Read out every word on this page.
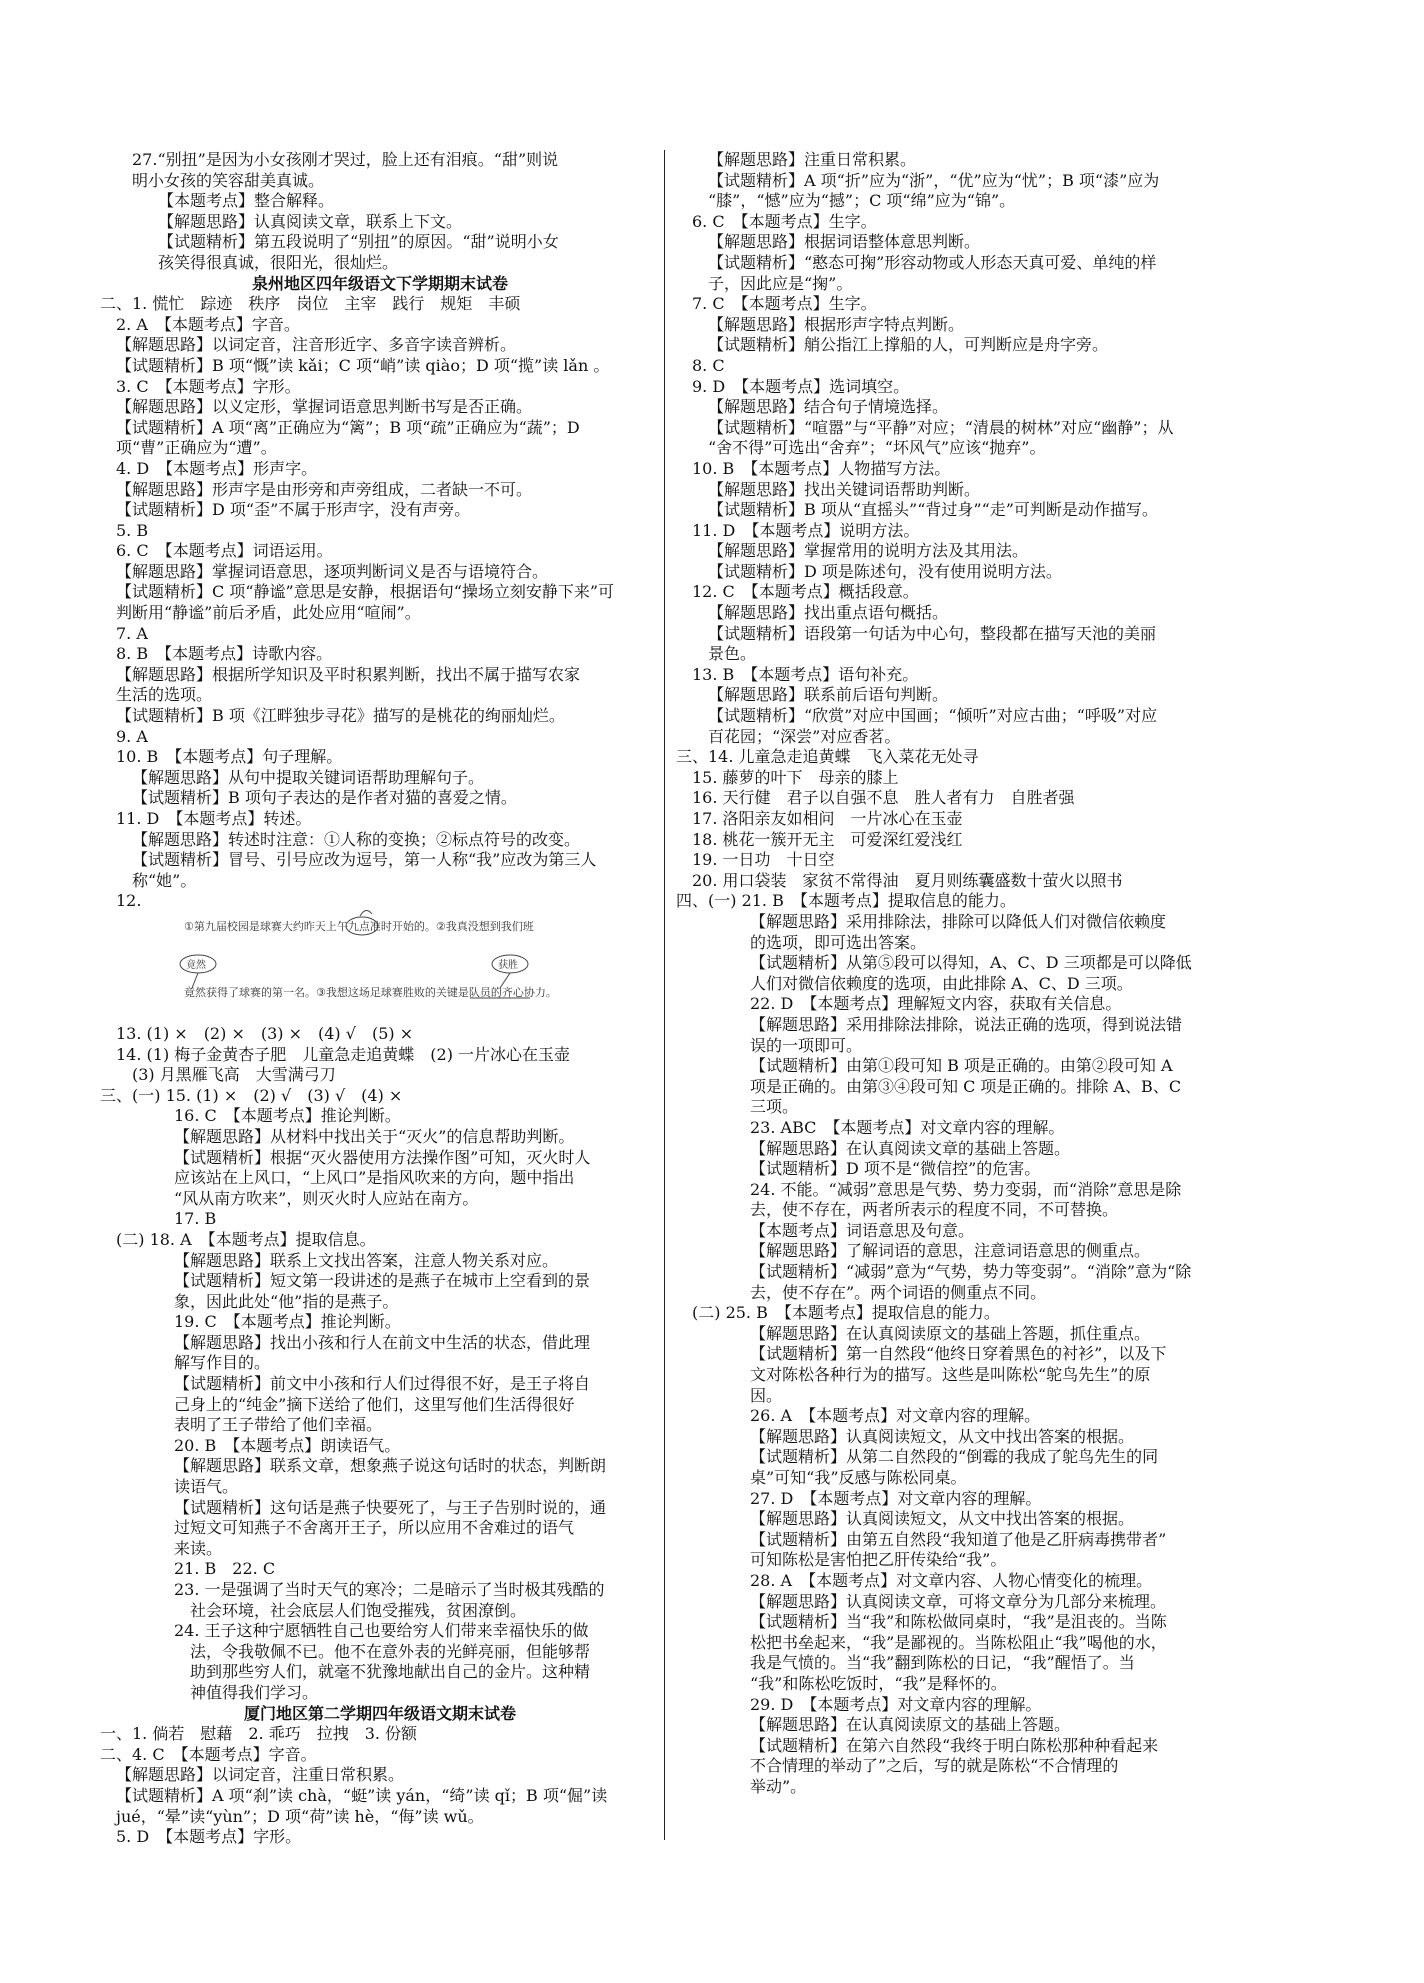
27.“别扭”是因为小女孩刚才哭过，脸上还有泪痕。“甜”则说
明小女孩的笑容甜美真诚。
【本题考点】整合解释。
【解题思路】认真阅读文章，联系上下文。
【试题精析】第五段说明了“别扭”的原因。“甜”说明小女
孩笑得很真诚，很阳光，很灿烂。
泉州地区四年级语文下学期期末试卷
二、1. 慌忙　踪迹　秩序　岗位　主宰　践行　规矩　丰硕
2. A　【本题考点】字音。
【解题思路】以词定音，注音形近字、多音字读音辨析。
【试题精析】B 项“慨”读 kǎi；C 项“峭”读 qiào；D 项“揽”读 lǎn 。
3. C　【本题考点】字形。
【解题思路】以义定形，掌握词语意思判断书写是否正确。
【试题精析】A 项“离”正确应为“篱”；B 项“疏”正确应为“蔬”；D
项“曹”正确应为“遭”。
4. D　【本题考点】形声字。
【解题思路】形声字是由形旁和声旁组成，二者缺一不可。
【试题精析】D 项“歪”不属于形声字，没有声旁。
5. B
6. C　【本题考点】词语运用。
【解题思路】掌握词语意思，逐项判断词义是否与语境符合。
【试题精析】C 项“静谧”意思是安静，根据语句“操场立刻安静下来”可
判断用“静谧”前后矛盾，此处应用“喧闹”。
7. A
8. B　【本题考点】诗歌内容。
【解题思路】根据所学知识及平时积累判断，找出不属于描写农家
生活的选项。
【试题精析】B 项《江畔独步寻花》描写的是桃花的绚丽灿烂。
9. A
10. B　【本题考点】句子理解。
【解题思路】从句中提取关键词语帮助理解句子。
【试题精析】B 项句子表达的是作者对猫的喜爱之情。
11. D　【本题考点】转述。
【解题思路】转述时注意：①人称的变换；②标点符号的改变。
【试题精析】冒号、引号应改为逗号，第一人称“我”应改为第三人
称“她”。
12.
13. (1) ×　(2) ×　(3) ×　(4) √　(5) ×
14. (1) 梅子金黄杏子肥　儿童急走追黄蝶　(2) 一片冰心在玉壶
(3) 月黑雁飞高　大雪满弓刀
三、(一) 15. (1) ×　(2) √　(3) √　(4) ×
16. C　【本题考点】推论判断。
【解题思路】从材料中找出关于“灭火”的信息帮助判断。
【试题精析】根据“灭火器使用方法操作图”可知，灭火时人
应该站在上风口，“上风口”是指风吹来的方向，题中指出
“风从南方吹来”，则灭火时人应站在南方。
17. B
(二) 18. A　【本题考点】提取信息。
【解题思路】联系上文找出答案，注意人物关系对应。
【试题精析】短文第一段讲述的是燕子在城市上空看到的景
象，因此此处“他”指的是燕子。
19. C　【本题考点】推论判断。
【解题思路】找出小孩和行人在前文中生活的状态，借此理
解写作目的。
【试题精析】前文中小孩和行人们过得很不好，是王子将自
己身上的“纯金”摘下送给了他们，这里写他们生活得很好
表明了王子带给了他们幸福。
20. B　【本题考点】朗读语气。
【解题思路】联系文章，想象燕子说这句话时的状态，判断朗
读语气。
【试题精析】这句话是燕子快要死了，与王子告别时说的，通
过短文可知燕子不舍离开王子，所以应用不舍难过的语气
来读。
21. B　22. C
23. 一是强调了当时天气的寒冷；二是暗示了当时极其残酷的
社会环境，社会底层人们饱受摧残，贫困潦倒。
24. 王子这种宁愿牺牲自己也要给穷人们带来幸福快乐的做
法，令我敬佩不已。他不在意外表的光鲜亮丽，但能够帮
助到那些穷人们，就毫不犹豫地献出自己的金片。这种精
神值得我们学习。
厦门地区第二学期四年级语文期末试卷
一、1. 倘若　慰藉　2. 乖巧　拉拽　3. 份额
二、4. C　【本题考点】字音。
【解题思路】以词定音，注重日常积累。
【试题精析】A 项“刹”读 chà，“蜓”读 yán，“绮”读 qǐ；B 项“倔”读
jué，“晕”读“yùn”；D 项“荷”读 hè，“侮”读 wǔ。
5. D　【本题考点】字形。
【解题思路】注重日常积累。
【试题精析】A 项“折”应为“浙”，“优”应为“忧”；B 项“漆”应为
“膝”，“憾”应为“撼”；C 项“绵”应为“锦”。
6. C　【本题考点】生字。
【解题思路】根据词语整体意思判断。
【试题精析】“憨态可掬”形容动物或人形态天真可爱、单纯的样
子，因此应是“掬”。
7. C　【本题考点】生字。
【解题思路】根据形声字特点判断。
【试题精析】艄公指江上撑船的人，可判断应是舟字旁。
8. C
9. D　【本题考点】选词填空。
【解题思路】结合句子情境选择。
【试题精析】“喧嚣”与“平静”对应；“清晨的树林”对应“幽静”；从
“舍不得”可选出“舍弃”；“坏风气”应该“抛弃”。
10. B　【本题考点】人物描写方法。
【解题思路】找出关键词语帮助判断。
【试题精析】B 项从“直摇头”“背过身”“走”可判断是动作描写。
11. D　【本题考点】说明方法。
【解题思路】掌握常用的说明方法及其用法。
【试题精析】D 项是陈述句，没有使用说明方法。
12. C　【本题考点】概括段意。
【解题思路】找出重点语句概括。
【试题精析】语段第一句话为中心句，整段都在描写天池的美丽
景色。
13. B　【本题考点】语句补充。
【解题思路】联系前后语句判断。
【试题精析】“欣赏”对应中国画；“倾听”对应古曲；“呼吸”对应
百花园；“深尝”对应香茗。
三、14. 儿童急走追黄蝶　飞入菜花无处寻
15. 藤萝的叶下　母亲的膝上
16. 天行健　君子以自强不息　胜人者有力　自胜者强
17. 洛阳亲友如相问　一片冰心在玉壶
18. 桃花一簇开无主　可爱深红爱浅红
19. 一日功　十日空
20. 用口袋装　家贫不常得油　夏月则练囊盛数十萤火以照书
四、(一) 21. B　【本题考点】提取信息的能力。
【解题思路】采用排除法，排除可以降低人们对微信依赖度
的选项，即可选出答案。
【试题精析】从第⑤段可以得知，A、C、D 三项都是可以降低
人们对微信依赖度的选项，由此排除 A、C、D 三项。
22. D　【本题考点】理解短文内容，获取有关信息。
【解题思路】采用排除法排除，说法正确的选项，得到说法错
误的一项即可。
【试题精析】由第①段可知 B 项是正确的。由第②段可知 A
项是正确的。由第③④段可知 C 项是正确的。排除 A、B、C
三项。
23. ABC　【本题考点】对文章内容的理解。
【解题思路】在认真阅读文章的基础上答题。
【试题精析】D 项不是“微信控”的危害。
24. 不能。“减弱”意思是气势、势力变弱，而“消除”意思是除
去，使不存在，两者所表示的程度不同，不可替换。
【本题考点】词语意思及句意。
【解题思路】了解词语的意思，注意词语意思的侧重点。
【试题精析】“减弱”意为“气势，势力等变弱”。“消除”意为“除
去，使不存在”。两个词语的侧重点不同。
(二) 25. B　【本题考点】提取信息的能力。
【解题思路】在认真阅读原文的基础上答题，抓住重点。
【试题精析】第一自然段“他终日穿着黑色的衬衫”，以及下
文对陈松各种行为的描写。这些是叫陈松“鸵鸟先生”的原
因。
26. A　【本题考点】对文章内容的理解。
【解题思路】认真阅读短文，从文中找出答案的根据。
【试题精析】从第二自然段的“倒霉的我成了鸵鸟先生的同
桌”可知“我”反感与陈松同桌。
27. D　【本题考点】对文章内容的理解。
【解题思路】认真阅读短文，从文中找出答案的根据。
【试题精析】由第五自然段“我知道了他是乙肝病毒携带者”
可知陈松是害怕把乙肝传染给“我”。
28. A　【本题考点】对文章内容、人物心情变化的梳理。
【解题思路】认真阅读文章，可将文章分为几部分来梳理。
【试题精析】当“我”和陈松做同桌时，“我”是沮丧的。当陈
松把书垒起来，“我”是鄙视的。当陈松阻止“我”喝他的水，
我是气愤的。当“我”翻到陈松的日记，“我”醒悟了。当
“我”和陈松吃饭时，“我”是释怀的。
29. D　【本题考点】对文章内容的理解。
【解题思路】在认真阅读原文的基础上答题。
【试题精析】在第六自然段“我终于明白陈松那种种看起来
不合情理的举动了”之后，写的就是陈松“不合情理的
举动”。
①第九届校园是球赛大约昨天上午九点准时开始的。②我真没想到我们班
竟然获得了球赛的第一名。③我想这场足球赛胜败的关键是队员的齐心协力。
竟然	获胜
